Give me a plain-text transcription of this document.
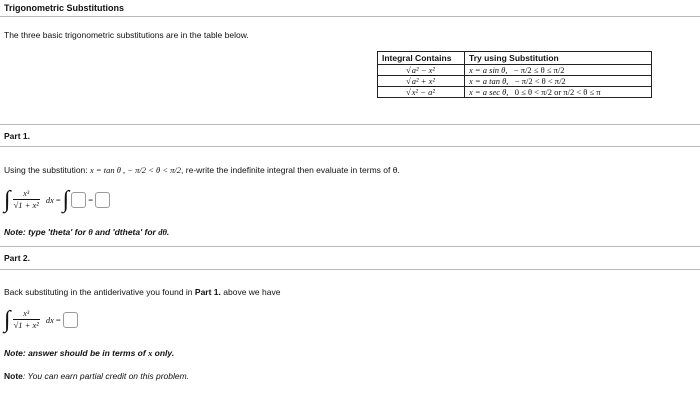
Trigonometric Substitutions
The three basic trigonometric substitutions are in the table below.
Integral Contains	Try using Substitution
√a² − x²	x = a sin θ, − π/2 ≤ θ ≤ π/2
√a² + x²	x = a tan θ, − π/2 < θ < π/2
√x² − a²	x = a sec θ, 0 ≤ θ < π/2 or π/2 < θ ≤ π
Part 1.
Using the substitution: x = tan θ , − π/2 < θ < π/2, re-write the indefinite integral then evaluate in terms of θ.
∫ $\frac{\text{x³}}{\text{√1 + x²}}$ dx = ∫ =
Note: type 'theta' for θ and 'dtheta' for dθ.
Part 2.
Back substituting in the antiderivative you found in Part 1. above we have
∫ $\frac{\text{x³}}{\text{√1 + x²}}$ dx =
Note: answer should be in terms of x only.
Note: You can earn partial credit on this problem.
